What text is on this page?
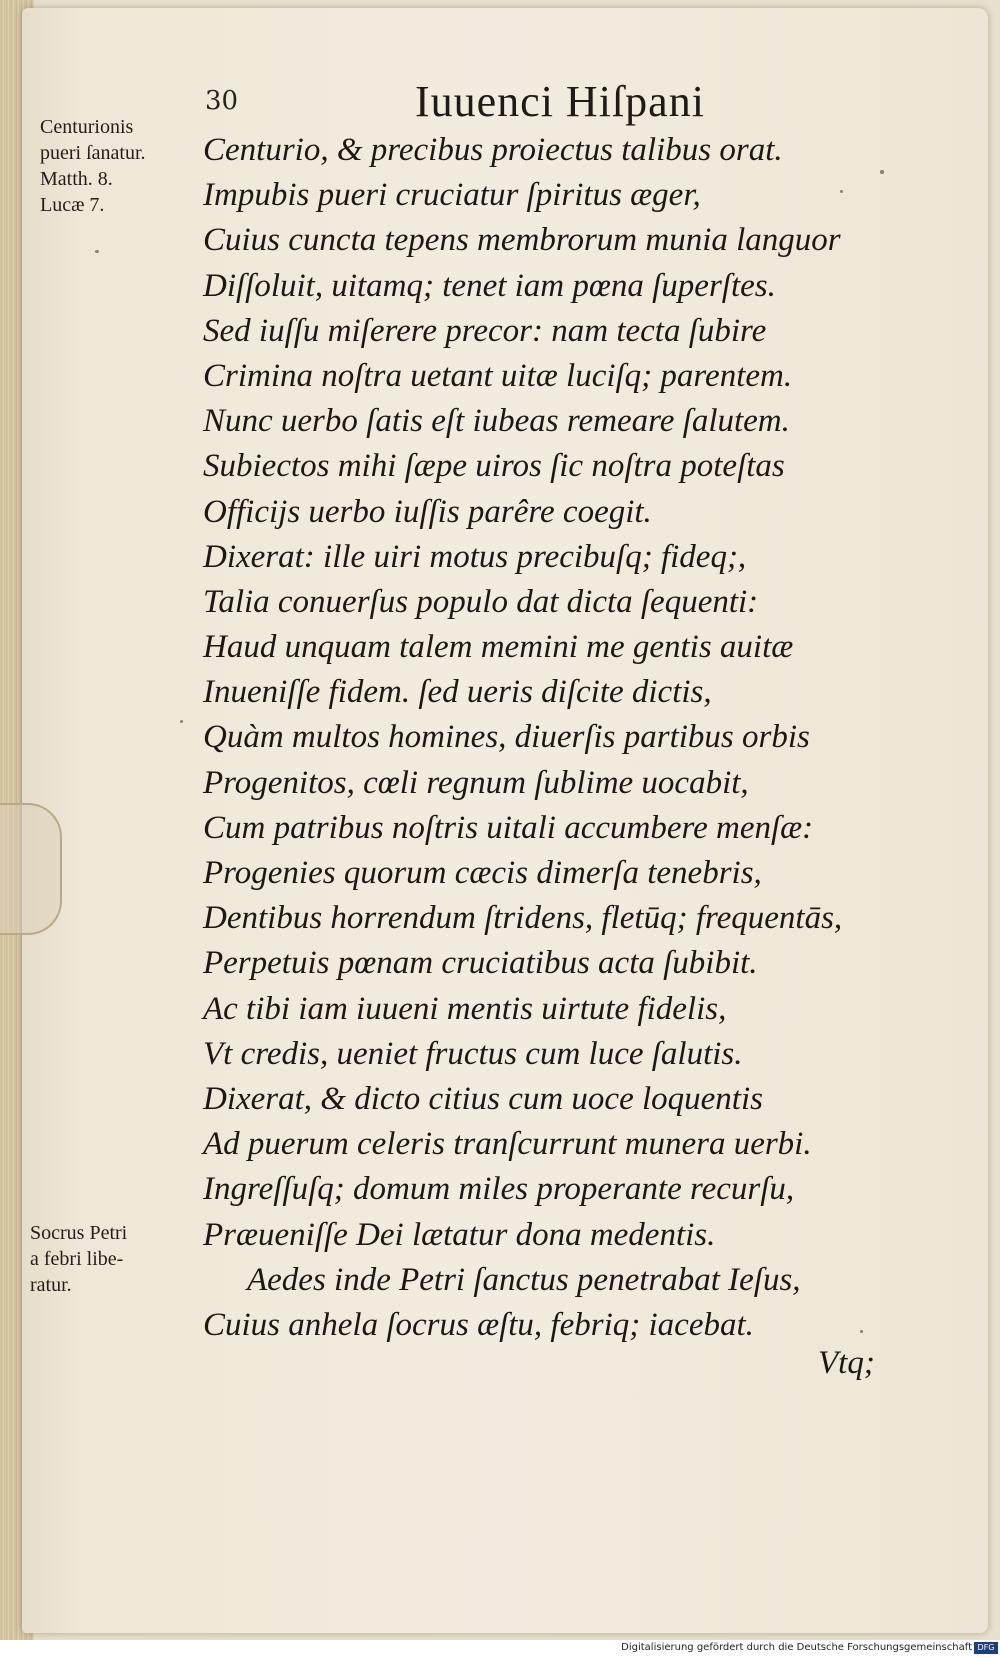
30	Iuuenci Hiſpani
Centurionis
pueri ſanatur.
Matth. 8.
Lucæ 7.
Socrus Petri
a febri libe-
ratur.
Centurio, & precibus proiectus talibus orat.
Impubis pueri cruciatur ſpiritus æger,
Cuius cuncta tepens membrorum munia languor
Diſſoluit, uitamq; tenet iam pœna ſuperſtes.
Sed iuſſu miſerere precor: nam tecta ſubire
Crimina noſtra uetant uitæ luciſq; parentem.
Nunc uerbo ſatis eſt iubeas remeare ſalutem.
Subiectos mihi ſæpe uiros ſic noſtra poteſtas
Officijs uerbo iuſſis parêre coegit.
Dixerat: ille uiri motus precibuſq; fideq;,
Talia conuerſus populo dat dicta ſequenti:
Haud unquam talem memini me gentis auitæ
Inueniſſe fidem. ſed ueris diſcite dictis,
Quàm multos homines, diuerſis partibus orbis
Progenitos, cœli regnum ſublime uocabit,
Cum patribus noſtris uitali accumbere menſæ:
Progenies quorum cæcis dimerſa tenebris,
Dentibus horrendum ſtridens, fletūq; frequentās,
Perpetuis pœnam cruciatibus acta ſubibit.
Ac tibi iam iuueni mentis uirtute fidelis,
Vt credis, ueniet fructus cum luce ſalutis.
Dixerat, & dicto citius cum uoce loquentis
Ad puerum celeris tranſcurrunt munera uerbi.
Ingreſſuſq; domum miles properante recurſu,
Præueniſſe Dei lætatur dona medentis.
Aedes inde Petri ſanctus penetrabat Ieſus,
Cuius anhela ſocrus æſtu, febriq; iacebat.
Vtq;
Digitalisierung gefördert durch die Deutsche Forschungsgemeinschaft DFG
